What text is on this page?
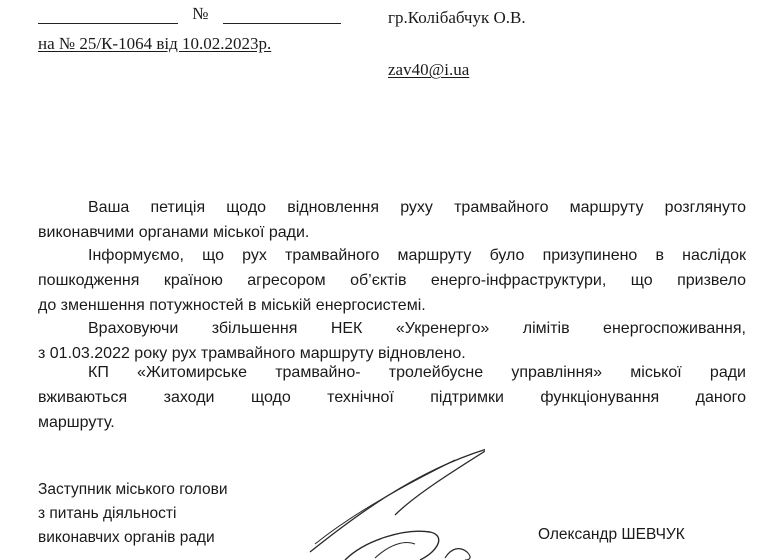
№
на № 25/К-1064 від 10.02.2023р.
гр.Колібабчук О.В.
zav40@i.ua
Ваша петиція щодо відновлення руху трамвайного маршруту розглянуто
виконавчими органами міської ради.
Інформуємо, що рух трамвайного маршруту було призупинено в наслідок
пошкодження країною агресором об’єктів енерго-інфраструктури, що призвело
до зменшення потужностей в міській енергосистемі.
Враховуючи збільшення НЕК «Укренергo» лімітів енергоспоживання,
з 01.03.2022 року рух трамвайного маршруту відновлено.
КП «Житомирське трамвайно- тролейбусне управління» міської ради
вживаються заходи щодо технічної підтримки функціонування даного
маршруту.
Заступник міського голови
з питань діяльності
виконавчих органів ради	Олександр ШЕВЧУК
